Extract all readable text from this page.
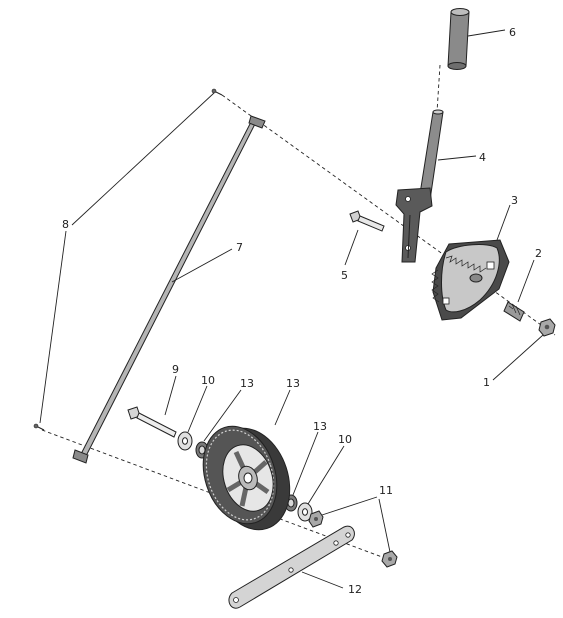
6
4
3
2
5
1
8
7
9
10 13	13
13
10
11
12
